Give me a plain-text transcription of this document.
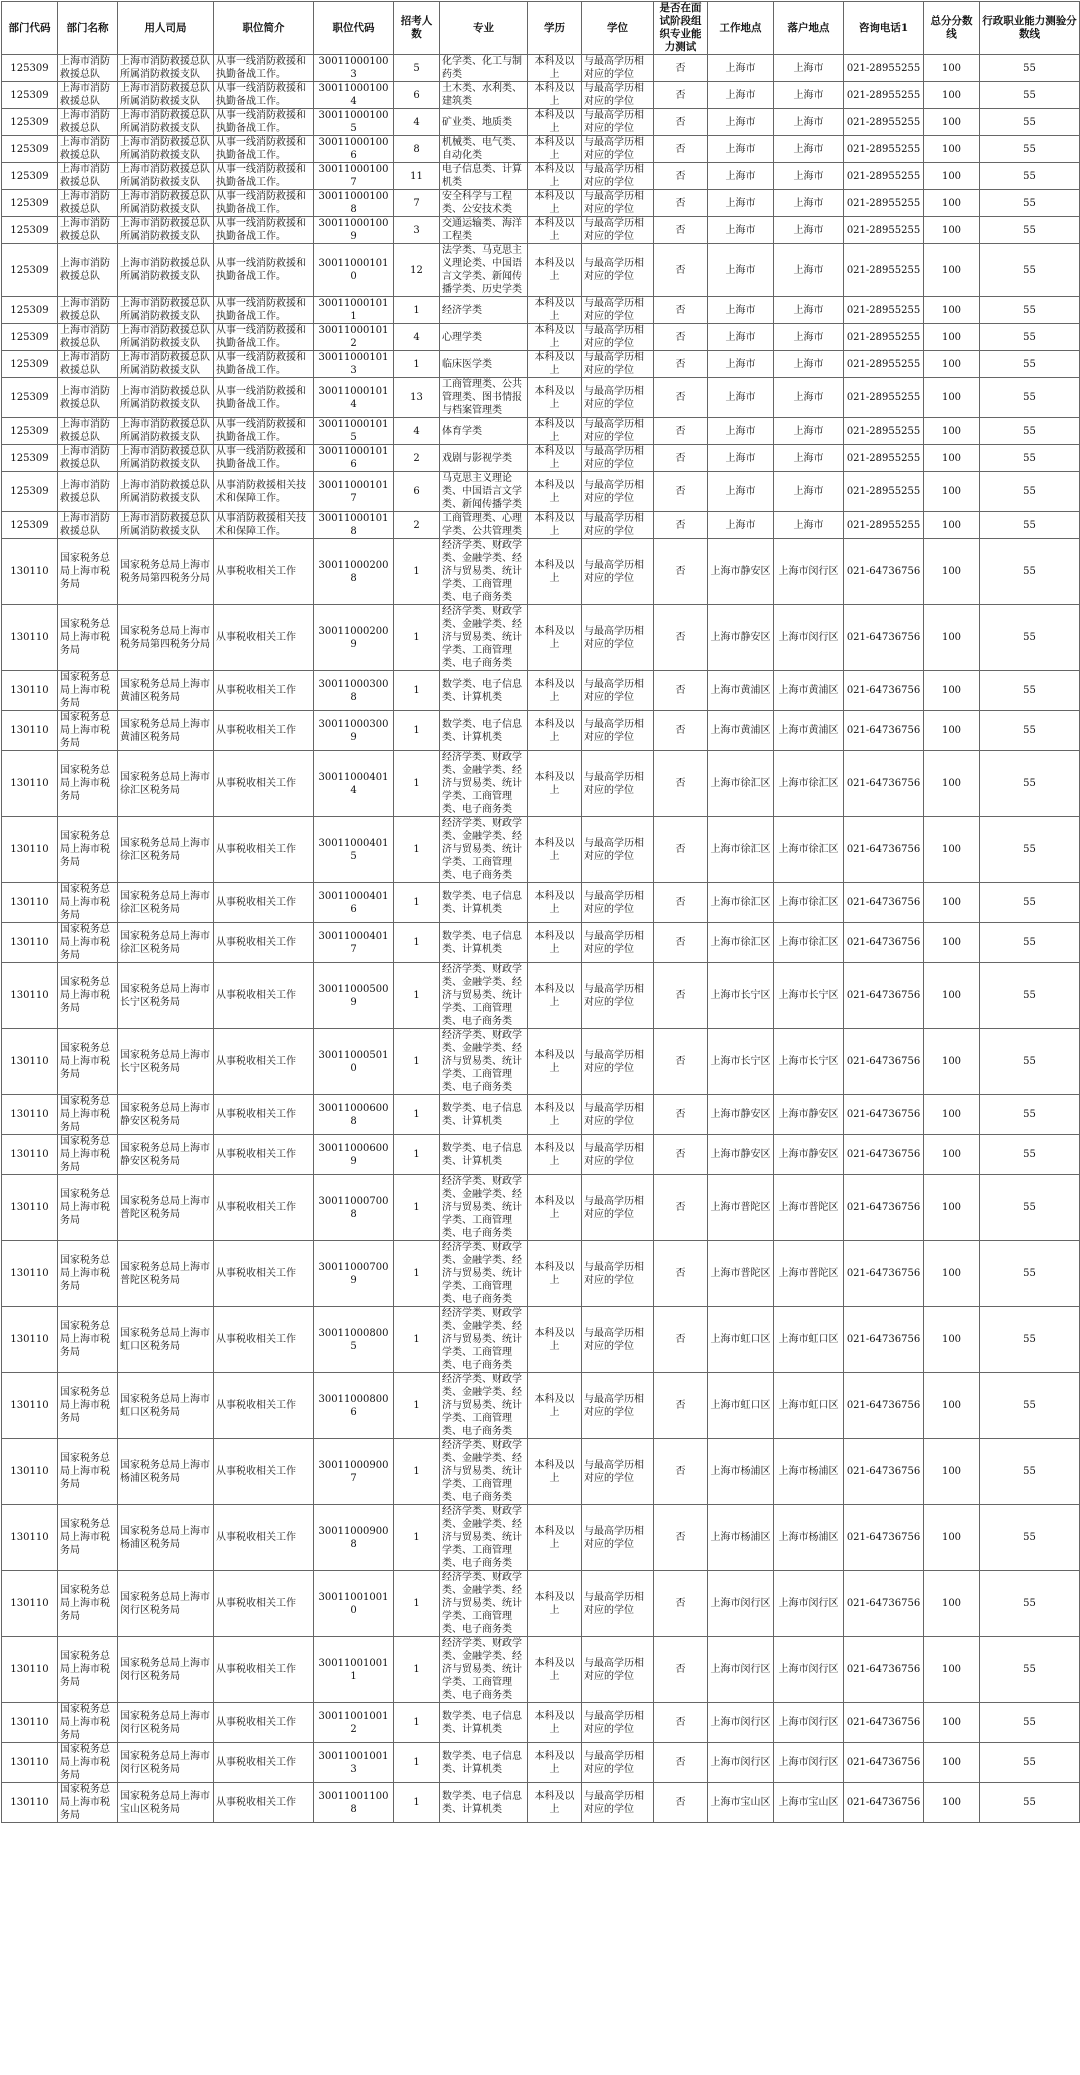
部门代码	部门名称	用人司局	职位简介	职位代码	招考人数	专业	学历	学位	是否在面试阶段组织专业能力测试	工作地点	落户地点	咨询电话1	总分分数线	行政职业能力测验分数线
125309	上海市消防救援总队	上海市消防救援总队所属消防救援支队	从事一线消防救援和执勤备战工作。	300110001003	5	化学类、化工与制药类	本科及以上	与最高学历相对应的学位	否	上海市	上海市	021-28955255	100	55
125309	上海市消防救援总队	上海市消防救援总队所属消防救援支队	从事一线消防救援和执勤备战工作。	300110001004	6	土木类、水利类、建筑类	本科及以上	与最高学历相对应的学位	否	上海市	上海市	021-28955255	100	55
125309	上海市消防救援总队	上海市消防救援总队所属消防救援支队	从事一线消防救援和执勤备战工作。	300110001005	4	矿业类、地质类	本科及以上	与最高学历相对应的学位	否	上海市	上海市	021-28955255	100	55
125309	上海市消防救援总队	上海市消防救援总队所属消防救援支队	从事一线消防救援和执勤备战工作。	300110001006	8	机械类、电气类、自动化类	本科及以上	与最高学历相对应的学位	否	上海市	上海市	021-28955255	100	55
125309	上海市消防救援总队	上海市消防救援总队所属消防救援支队	从事一线消防救援和执勤备战工作。	300110001007	11	电子信息类、计算机类	本科及以上	与最高学历相对应的学位	否	上海市	上海市	021-28955255	100	55
125309	上海市消防救援总队	上海市消防救援总队所属消防救援支队	从事一线消防救援和执勤备战工作。	300110001008	7	安全科学与工程类、公安技术类	本科及以上	与最高学历相对应的学位	否	上海市	上海市	021-28955255	100	55
125309	上海市消防救援总队	上海市消防救援总队所属消防救援支队	从事一线消防救援和执勤备战工作。	300110001009	3	交通运输类、海洋工程类	本科及以上	与最高学历相对应的学位	否	上海市	上海市	021-28955255	100	55
125309	上海市消防救援总队	上海市消防救援总队所属消防救援支队	从事一线消防救援和执勤备战工作。	300110001010	12	法学类、马克思主义理论类、中国语言文学类、新闻传播学类、历史学类	本科及以上	与最高学历相对应的学位	否	上海市	上海市	021-28955255	100	55
125309	上海市消防救援总队	上海市消防救援总队所属消防救援支队	从事一线消防救援和执勤备战工作。	300110001011	1	经济学类	本科及以上	与最高学历相对应的学位	否	上海市	上海市	021-28955255	100	55
125309	上海市消防救援总队	上海市消防救援总队所属消防救援支队	从事一线消防救援和执勤备战工作。	300110001012	4	心理学类	本科及以上	与最高学历相对应的学位	否	上海市	上海市	021-28955255	100	55
125309	上海市消防救援总队	上海市消防救援总队所属消防救援支队	从事一线消防救援和执勤备战工作。	300110001013	1	临床医学类	本科及以上	与最高学历相对应的学位	否	上海市	上海市	021-28955255	100	55
125309	上海市消防救援总队	上海市消防救援总队所属消防救援支队	从事一线消防救援和执勤备战工作。	300110001014	13	工商管理类、公共管理类、图书情报与档案管理类	本科及以上	与最高学历相对应的学位	否	上海市	上海市	021-28955255	100	55
125309	上海市消防救援总队	上海市消防救援总队所属消防救援支队	从事一线消防救援和执勤备战工作。	300110001015	4	体育学类	本科及以上	与最高学历相对应的学位	否	上海市	上海市	021-28955255	100	55
125309	上海市消防救援总队	上海市消防救援总队所属消防救援支队	从事一线消防救援和执勤备战工作。	300110001016	2	戏剧与影视学类	本科及以上	与最高学历相对应的学位	否	上海市	上海市	021-28955255	100	55
125309	上海市消防救援总队	上海市消防救援总队所属消防救援支队	从事消防救援相关技术和保障工作。	300110001017	6	马克思主义理论类、中国语言文学类、新闻传播学类	本科及以上	与最高学历相对应的学位	否	上海市	上海市	021-28955255	100	55
125309	上海市消防救援总队	上海市消防救援总队所属消防救援支队	从事消防救援相关技术和保障工作。	300110001018	2	工商管理类、心理学类、公共管理类	本科及以上	与最高学历相对应的学位	否	上海市	上海市	021-28955255	100	55
130110	国家税务总局上海市税务局	国家税务总局上海市税务局第四税务分局	从事税收相关工作	300110002008	1	经济学类、财政学类、金融学类、经济与贸易类、统计学类、工商管理类、电子商务类	本科及以上	与最高学历相对应的学位	否	上海市静安区	上海市闵行区	021-64736756	100	55
130110	国家税务总局上海市税务局	国家税务总局上海市税务局第四税务分局	从事税收相关工作	300110002009	1	经济学类、财政学类、金融学类、经济与贸易类、统计学类、工商管理类、电子商务类	本科及以上	与最高学历相对应的学位	否	上海市静安区	上海市闵行区	021-64736756	100	55
130110	国家税务总局上海市税务局	国家税务总局上海市黄浦区税务局	从事税收相关工作	300110003008	1	数学类、电子信息类、计算机类	本科及以上	与最高学历相对应的学位	否	上海市黄浦区	上海市黄浦区	021-64736756	100	55
130110	国家税务总局上海市税务局	国家税务总局上海市黄浦区税务局	从事税收相关工作	300110003009	1	数学类、电子信息类、计算机类	本科及以上	与最高学历相对应的学位	否	上海市黄浦区	上海市黄浦区	021-64736756	100	55
130110	国家税务总局上海市税务局	国家税务总局上海市徐汇区税务局	从事税收相关工作	300110004014	1	经济学类、财政学类、金融学类、经济与贸易类、统计学类、工商管理类、电子商务类	本科及以上	与最高学历相对应的学位	否	上海市徐汇区	上海市徐汇区	021-64736756	100	55
130110	国家税务总局上海市税务局	国家税务总局上海市徐汇区税务局	从事税收相关工作	300110004015	1	经济学类、财政学类、金融学类、经济与贸易类、统计学类、工商管理类、电子商务类	本科及以上	与最高学历相对应的学位	否	上海市徐汇区	上海市徐汇区	021-64736756	100	55
130110	国家税务总局上海市税务局	国家税务总局上海市徐汇区税务局	从事税收相关工作	300110004016	1	数学类、电子信息类、计算机类	本科及以上	与最高学历相对应的学位	否	上海市徐汇区	上海市徐汇区	021-64736756	100	55
130110	国家税务总局上海市税务局	国家税务总局上海市徐汇区税务局	从事税收相关工作	300110004017	1	数学类、电子信息类、计算机类	本科及以上	与最高学历相对应的学位	否	上海市徐汇区	上海市徐汇区	021-64736756	100	55
130110	国家税务总局上海市税务局	国家税务总局上海市长宁区税务局	从事税收相关工作	300110005009	1	经济学类、财政学类、金融学类、经济与贸易类、统计学类、工商管理类、电子商务类	本科及以上	与最高学历相对应的学位	否	上海市长宁区	上海市长宁区	021-64736756	100	55
130110	国家税务总局上海市税务局	国家税务总局上海市长宁区税务局	从事税收相关工作	300110005010	1	经济学类、财政学类、金融学类、经济与贸易类、统计学类、工商管理类、电子商务类	本科及以上	与最高学历相对应的学位	否	上海市长宁区	上海市长宁区	021-64736756	100	55
130110	国家税务总局上海市税务局	国家税务总局上海市静安区税务局	从事税收相关工作	300110006008	1	数学类、电子信息类、计算机类	本科及以上	与最高学历相对应的学位	否	上海市静安区	上海市静安区	021-64736756	100	55
130110	国家税务总局上海市税务局	国家税务总局上海市静安区税务局	从事税收相关工作	300110006009	1	数学类、电子信息类、计算机类	本科及以上	与最高学历相对应的学位	否	上海市静安区	上海市静安区	021-64736756	100	55
130110	国家税务总局上海市税务局	国家税务总局上海市普陀区税务局	从事税收相关工作	300110007008	1	经济学类、财政学类、金融学类、经济与贸易类、统计学类、工商管理类、电子商务类	本科及以上	与最高学历相对应的学位	否	上海市普陀区	上海市普陀区	021-64736756	100	55
130110	国家税务总局上海市税务局	国家税务总局上海市普陀区税务局	从事税收相关工作	300110007009	1	经济学类、财政学类、金融学类、经济与贸易类、统计学类、工商管理类、电子商务类	本科及以上	与最高学历相对应的学位	否	上海市普陀区	上海市普陀区	021-64736756	100	55
130110	国家税务总局上海市税务局	国家税务总局上海市虹口区税务局	从事税收相关工作	300110008005	1	经济学类、财政学类、金融学类、经济与贸易类、统计学类、工商管理类、电子商务类	本科及以上	与最高学历相对应的学位	否	上海市虹口区	上海市虹口区	021-64736756	100	55
130110	国家税务总局上海市税务局	国家税务总局上海市虹口区税务局	从事税收相关工作	300110008006	1	经济学类、财政学类、金融学类、经济与贸易类、统计学类、工商管理类、电子商务类	本科及以上	与最高学历相对应的学位	否	上海市虹口区	上海市虹口区	021-64736756	100	55
130110	国家税务总局上海市税务局	国家税务总局上海市杨浦区税务局	从事税收相关工作	300110009007	1	经济学类、财政学类、金融学类、经济与贸易类、统计学类、工商管理类、电子商务类	本科及以上	与最高学历相对应的学位	否	上海市杨浦区	上海市杨浦区	021-64736756	100	55
130110	国家税务总局上海市税务局	国家税务总局上海市杨浦区税务局	从事税收相关工作	300110009008	1	经济学类、财政学类、金融学类、经济与贸易类、统计学类、工商管理类、电子商务类	本科及以上	与最高学历相对应的学位	否	上海市杨浦区	上海市杨浦区	021-64736756	100	55
130110	国家税务总局上海市税务局	国家税务总局上海市闵行区税务局	从事税收相关工作	300110010010	1	经济学类、财政学类、金融学类、经济与贸易类、统计学类、工商管理类、电子商务类	本科及以上	与最高学历相对应的学位	否	上海市闵行区	上海市闵行区	021-64736756	100	55
130110	国家税务总局上海市税务局	国家税务总局上海市闵行区税务局	从事税收相关工作	300110010011	1	经济学类、财政学类、金融学类、经济与贸易类、统计学类、工商管理类、电子商务类	本科及以上	与最高学历相对应的学位	否	上海市闵行区	上海市闵行区	021-64736756	100	55
130110	国家税务总局上海市税务局	国家税务总局上海市闵行区税务局	从事税收相关工作	300110010012	1	数学类、电子信息类、计算机类	本科及以上	与最高学历相对应的学位	否	上海市闵行区	上海市闵行区	021-64736756	100	55
130110	国家税务总局上海市税务局	国家税务总局上海市闵行区税务局	从事税收相关工作	300110010013	1	数学类、电子信息类、计算机类	本科及以上	与最高学历相对应的学位	否	上海市闵行区	上海市闵行区	021-64736756	100	55
130110	国家税务总局上海市税务局	国家税务总局上海市宝山区税务局	从事税收相关工作	300110011008	1	数学类、电子信息类、计算机类	本科及以上	与最高学历相对应的学位	否	上海市宝山区	上海市宝山区	021-64736756	100	55
